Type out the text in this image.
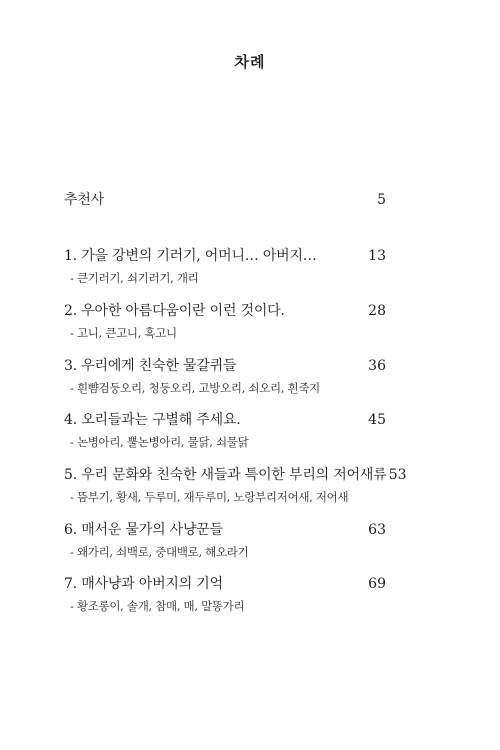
차례
추천사	5
1. 가을 강변의 기러기, 어머니… 아버지…	13
- 큰기러기, 쇠기러기, 개리
2. 우아한 아름다움이란 이런 것이다.	28
- 고니, 큰고니, 혹고니
3. 우리에게 친숙한 물갈퀴들	36
- 흰뺨검둥오리, 청둥오리, 고방오리, 쇠오리, 흰죽지
4. 오리들과는 구별해 주세요.	45
- 논병아리, 뿔논병아리, 물닭, 쇠물닭
5. 우리 문화와 친숙한 새들과 특이한 부리의 저어새류 53
- 뜸부기, 황새, 두루미, 재두루미, 노랑부리저어새, 저어새
6. 매서운 물가의 사냥꾼들	63
- 왜가리, 쇠백로, 중대백로, 해오라기
7. 매사냥과 아버지의 기억	69
- 황조롱이, 솔개, 참매, 매, 말똥가리
